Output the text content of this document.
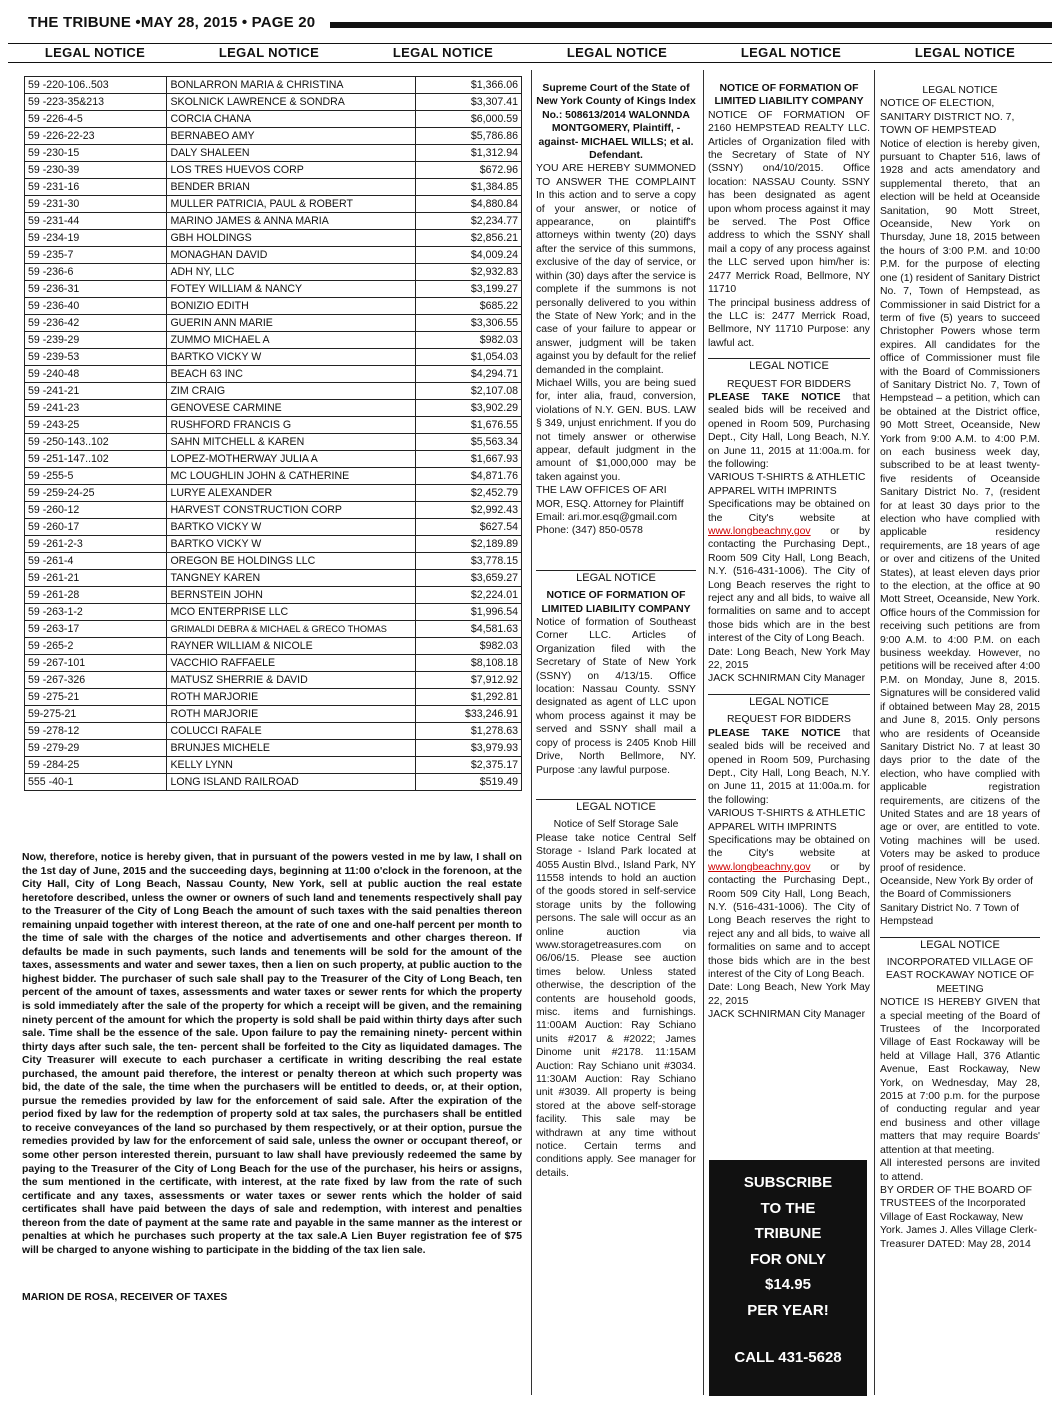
THE TRIBUNE •MAY 28, 2015 • PAGE 20
LEGAL NOTICE	LEGAL NOTICE	LEGAL NOTICE	LEGAL NOTICE	LEGAL NOTICE	LEGAL NOTICE
59 -220-106..503	BONLARRON MARIA & CHRISTINA	$1,366.06
59 -223-35&213	SKOLNICK LAWRENCE & SONDRA	$3,307.41
59 -226-4-5	CORCIA CHANA	$6,000.59
59 -226-22-23	BERNABEO AMY	$5,786.86
59 -230-15	DALY SHALEEN	$1,312.94
59 -230-39	LOS TRES HUEVOS CORP	$672.96
59 -231-16	BENDER BRIAN	$1,384.85
59 -231-30	MULLER PATRICIA, PAUL & ROBERT	$4,880.84
59 -231-44	MARINO JAMES & ANNA MARIA	$2,234.77
59 -234-19	GBH HOLDINGS	$2,856.21
59 -235-7	MONAGHAN DAVID	$4,009.24
59 -236-6	ADH NY, LLC	$2,932.83
59 -236-31	FOTEY WILLIAM & NANCY	$3,199.27
59 -236-40	BONIZIO EDITH	$685.22
59 -236-42	GUERIN ANN MARIE	$3,306.55
59 -239-29	ZUMMO MICHAEL A	$982.03
59 -239-53	BARTKO VICKY W	$1,054.03
59 -240-48	BEACH 63 INC	$4,294.71
59 -241-21	ZIM CRAIG	$2,107.08
59 -241-23	GENOVESE CARMINE	$3,902.29
59 -243-25	RUSHFORD FRANCIS G	$1,676.55
59 -250-143..102	SAHN MITCHELL & KAREN	$5,563.34
59 -251-147..102	LOPEZ-MOTHERWAY JULIA A	$1,667.93
59 -255-5	MC LOUGHLIN JOHN & CATHERINE	$4,871.76
59 -259-24-25	LURYE ALEXANDER	$2,452.79
59 -260-12	HARVEST CONSTRUCTION CORP	$2,992.43
59 -260-17	BARTKO VICKY W	$627.54
59 -261-2-3	BARTKO VICKY W	$2,189.89
59 -261-4	OREGON BE HOLDINGS LLC	$3,778.15
59 -261-21	TANGNEY KAREN	$3,659.27
59 -261-28	BERNSTEIN JOHN	$2,224.01
59 -263-1-2	MCO ENTERPRISE LLC	$1,996.54
59 -263-17	GRIMALDI DEBRA & MICHAEL & GRECO THOMAS	$4,581.63
59 -265-2	RAYNER WILLIAM & NICOLE	$982.03
59 -267-101	VACCHIO RAFFAELE	$8,108.18
59 -267-326	MATUSZ SHERRIE & DAVID	$7,912.92
59 -275-21	ROTH MARJORIE	$1,292.81
59-275-21	ROTH MARJORIE	$33,246.91
59 -278-12	COLUCCI RAFALE	$1,278.63
59 -279-29	BRUNJES MICHELE	$3,979.93
59 -284-25	KELLY LYNN	$2,375.17
555 -40-1	LONG ISLAND RAILROAD	$519.49
Now, therefore, notice is hereby given, that in pursuant of the powers vested in me by law, I shall on the 1st day of June, 2015 and the succeeding days, beginning at 11:00 o'clock in the forenoon, at the City Hall, City of Long Beach, Nassau County, New York, sell at public auction the real estate heretofore described, unless the owner or owners of such land and tenements respectively shall pay to the Treasurer of the City of Long Beach the amount of such taxes with the said penalties thereon remaining unpaid together with interest thereon, at the rate of one and one-half percent per month to the time of sale with the charges of the notice and advertisements and other charges thereon. If defaults be made in such payments, such lands and tenements will be sold for the amount of the taxes, assessments and water and sewer taxes, then a lien on such property, at public auction to the highest bidder. The purchaser of such sale shall pay to the Treasurer of the City of Long Beach, ten percent of the amount of taxes, assessments and water taxes or sewer rents for which the property is sold immediately after the sale of the property for which a receipt will be given, and the remaining ninety percent of the amount for which the property is sold shall be paid within thirty days after such sale. Time shall be the essence of the sale. Upon failure to pay the remaining ninety- percent within thirty days after such sale, the ten- percent shall be forfeited to the City as liquidated damages. The City Treasurer will execute to each purchaser a certificate in writing describing the real estate purchased, the amount paid therefore, the interest or penalty thereon at which such property was bid, the date of the sale, the time when the purchasers will be entitled to deeds, or, at their option, pursue the remedies provided by law for the enforcement of said sale. After the expiration of the period fixed by law for the redemption of property sold at tax sales, the purchasers shall be entitled to receive conveyances of the land so purchased by them respectively, or at their option, pursue the remedies provided by law for the enforcement of said sale, unless the owner or occupant thereof, or some other person interested therein, pursuant to law shall have previously redeemed the same by paying to the Treasurer of the City of Long Beach for the use of the purchaser, his heirs or assigns, the sum mentioned in the certificate, with interest, at the rate fixed by law from the rate of such certificate and any taxes, assessments or water taxes or sewer rents which the holder of said certificates shall have paid between the days of sale and redemption, with interest and penalties thereon from the date of payment at the same rate and payable in the same manner as the interest or penalties at which he purchases such property at the tax sale.A Lien Buyer registration fee of $75 will be charged to anyone wishing to participate in the bidding of the tax lien sale.
MARION DE ROSA, RECEIVER OF TAXES

Supreme Court of the State of New York County of Kings Index No.: 508613/2014 WALONNDA MONTGOMERY, Plaintiff, -against- MICHAEL WILLS; et al. Defendant.

YOU ARE HEREBY SUMMONED TO ANSWER THE COMPLAINT In this action and to serve a copy of your answer, or notice of appearance, on plaintiff's attorneys within twenty (20) days after the service of this summons, exclusive of the day of service, or within (30) days after the service is complete if the summons is not personally delivered to you within the State of New York; and in the case of your failure to appear or answer, judgment will be taken against you by default for the relief demanded in the complaint.

Michael Wills, you are being sued for, inter alia, fraud, conversion, violations of N.Y. GEN. BUS. LAW § 349, unjust enrichment. If you do not timely answer or otherwise appear, default judgment in the amount of $1,000,000 may be taken against you.

THE LAW OFFICES OF ARI MOR, ESQ. Attorney for Plaintiff Email: ari.mor.esq@gmail.com Phone: (347) 850-0578

LEGAL NOTICE

NOTICE OF FORMATION OF LIMITED LIABILITY COMPANY

Notice of formation of Southeast Corner LLC. Articles of Organization filed with the Secretary of State of New York (SSNY) on 4/13/15. Office location: Nassau County. SSNY designated as agent of LLC upon whom process against it may be served and SSNY shall mail a copy of process is 2405 Knob Hill Drive, North Bellmore, NY. Purpose :any lawful purpose.

LEGAL NOTICE

Notice of Self Storage Sale

Please take notice Central Self Storage - Island Park located at 4055 Austin Blvd., Island Park, NY 11558 intends to hold an auction of the goods stored in self-service storage units by the following persons. The sale will occur as an online auction via www.storagetreasures.com on 06/06/15. Please see auction times below. Unless stated otherwise, the description of the contents are household goods, misc. items and furnishings. 11:00AM Auction: Ray Schiano units #2017 & #2022; James Dinome unit #2178. 11:15AM Auction: Ray Schiano unit #3034. 11:30AM Auction: Ray Schiano unit #3039. All property is being stored at the above self-storage facility. This sale may be withdrawn at any time without notice. Certain terms and conditions apply. See manager for details.

NOTICE OF FORMATION OF LIMITED LIABILITY COMPANY

NOTICE OF FORMATION OF 2160 HEMPSTEAD REALTY LLC. Articles of Organization filed with the Secretary of State of NY (SSNY) on4/10/2015. Office location: NASSAU County. SSNY has been designated as agent upon whom process against it may be served. The Post Office address to which the SSNY shall mail a copy of any process against the LLC served upon him/her is: 2477 Merrick Road, Bellmore, NY 11710

The principal business address of the LLC is: 2477 Merrick Road, Bellmore, NY 11710 Purpose: any lawful act.

LEGAL NOTICE

REQUEST FOR BIDDERS

PLEASE TAKE NOTICE that sealed bids will be received and opened in Room 509, Purchasing Dept., City Hall, Long Beach, N.Y. on June 11, 2015 at 11:00a.m. for the following:

VARIOUS T-SHIRTS & ATHLETIC APPAREL WITH IMPRINTS

Specifications may be obtained on the City's website at www.longbeachny.gov or by contacting the Purchasing Dept., Room 509 City Hall, Long Beach, N.Y. (516-431-1006). The City of Long Beach reserves the right to reject any and all bids, to waive all formalities on same and to accept those bids which are in the best interest of the City of Long Beach.

Date: Long Beach, New York May 22, 2015

JACK SCHNIRMAN City Manager

LEGAL NOTICE

REQUEST FOR BIDDERS

PLEASE TAKE NOTICE that sealed bids will be received and opened in Room 509, Purchasing Dept., City Hall, Long Beach, N.Y. on June 11, 2015 at 11:00a.m. for the following:

VARIOUS T-SHIRTS & ATHLETIC APPAREL WITH IMPRINTS

Specifications may be obtained on the City's website at www.longbeachny.gov or by contacting the Purchasing Dept., Room 509 City Hall, Long Beach, N.Y. (516-431-1006). The City of Long Beach reserves the right to reject any and all bids, to waive all formalities on same and to accept those bids which are in the best interest of the City of Long Beach.

Date: Long Beach, New York May 22, 2015

JACK SCHNIRMAN City Manager

SUBSCRIBE
TO THE
TRIBUNE
FOR ONLY
$14.95
PER YEAR!
CALL 431-5628

LEGAL NOTICE

NOTICE OF ELECTION, SANITARY DISTRICT NO. 7, TOWN OF HEMPSTEAD

Notice of election is hereby given, pursuant to Chapter 516, laws of 1928 and acts amendatory and supplemental thereto, that an election will be held at Oceanside Sanitation, 90 Mott Street, Oceanside, New York on Thursday, June 18, 2015 between the hours of 3:00 P.M. and 10:00 P.M. for the purpose of electing one (1) resident of Sanitary District No. 7, Town of Hempstead, as Commissioner in said District for a term of five (5) years to succeed Christopher Powers whose term expires. All candidates for the office of Commissioner must file with the Board of Commissioners of Sanitary District No. 7, Town of Hempstead – a petition, which can be obtained at the District office, 90 Mott Street, Oceanside, New York from 9:00 A.M. to 4:00 P.M. on each business week day, subscribed to be at least twenty-five residents of Oceanside Sanitary District No. 7, (resident for at least 30 days prior to the election who have complied with applicable residency requirements, are 18 years of age or over and citizens of the United States), at least eleven days prior to the election, at the office at 90 Mott Street, Oceanside, New York. Office hours of the Commission for receiving such petitions are from 9:00 A.M. to 4:00 P.M. on each business weekday. However, no petitions will be received after 4:00 P.M. on Monday, June 8, 2015. Signatures will be considered valid if obtained between May 28, 2015 and June 8, 2015. Only persons who are residents of Oceanside Sanitary District No. 7 at least 30 days prior to the date of the election, who have complied with applicable registration requirements, are citizens of the United States and are 18 years of age or over, are entitled to vote. Voting machines will be used. Voters may be asked to produce proof of residence.

Oceanside, New York By order of the Board of Commissioners Sanitary District No. 7 Town of Hempstead

LEGAL NOTICE

INCORPORATED VILLAGE OF EAST ROCKAWAY NOTICE OF MEETING

NOTICE IS HEREBY GIVEN that a special meeting of the Board of Trustees of the Incorporated Village of East Rockaway will be held at Village Hall, 376 Atlantic Avenue, East Rockaway, New York, on Wednesday, May 28, 2015 at 7:00 p.m. for the purpose of conducting regular and year end business and other village matters that may require Boards' attention at that meeting.

All interested persons are invited to attend.

BY ORDER OF THE BOARD OF TRUSTEES of the Incorporated Village of East Rockaway, New York. James J. Alles Village Clerk-Treasurer DATED: May 28, 2014
